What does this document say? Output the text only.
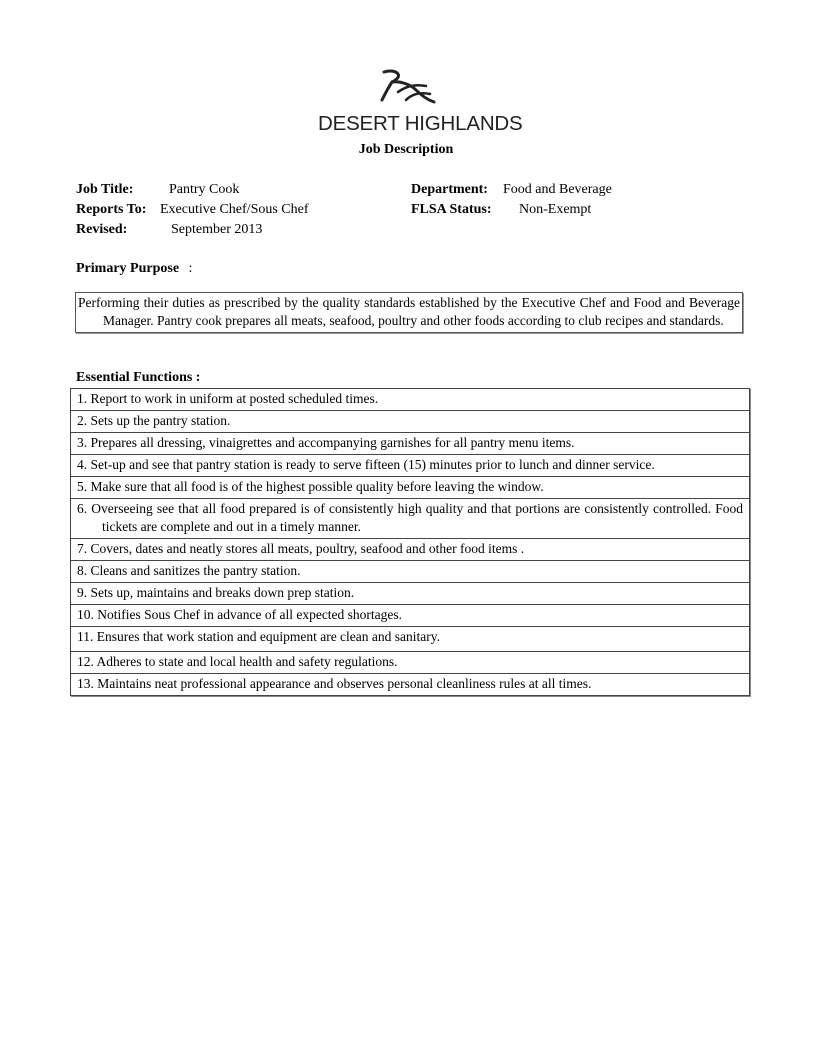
DESERT HIGHLANDS
Job Description
Job Title:	Pantry Cook	Department: Food and Beverage
Reports To: Executive Chef/Sous Chef	FLSA Status: Non-Exempt
Revised:	September 2013
Primary Purpose :
Performing their duties as prescribed by the quality standards established by the Executive Chef and Food and Beverage Manager. Pantry cook prepares all meats, seafood, poultry and other foods according to club recipes and standards.
Essential Functions :
1. Report to work in uniform at posted scheduled times.

2. Sets up the pantry station.

3. Prepares all dressing, vinaigrettes and accompanying garnishes for all pantry menu items.

4. Set-up and see that pantry station is ready to serve fifteen (15) minutes prior to lunch and dinner service.

5. Make sure that all food is of the highest possible quality before leaving the window.

6. Overseeing see that all food prepared is of consistently high quality and that portions are consistently controlled. Food tickets are complete and out in a timely manner.

7. Covers, dates and neatly stores all meats, poultry, seafood and other food items .

8. Cleans and sanitizes the pantry station.

9. Sets up, maintains and breaks down prep station.

10. Notifies Sous Chef in advance of all expected shortages.

11. Ensures that work station and equipment are clean and sanitary.

12. Adheres to state and local health and safety regulations.

13. Maintains neat professional appearance and observes personal cleanliness rules at all times.
